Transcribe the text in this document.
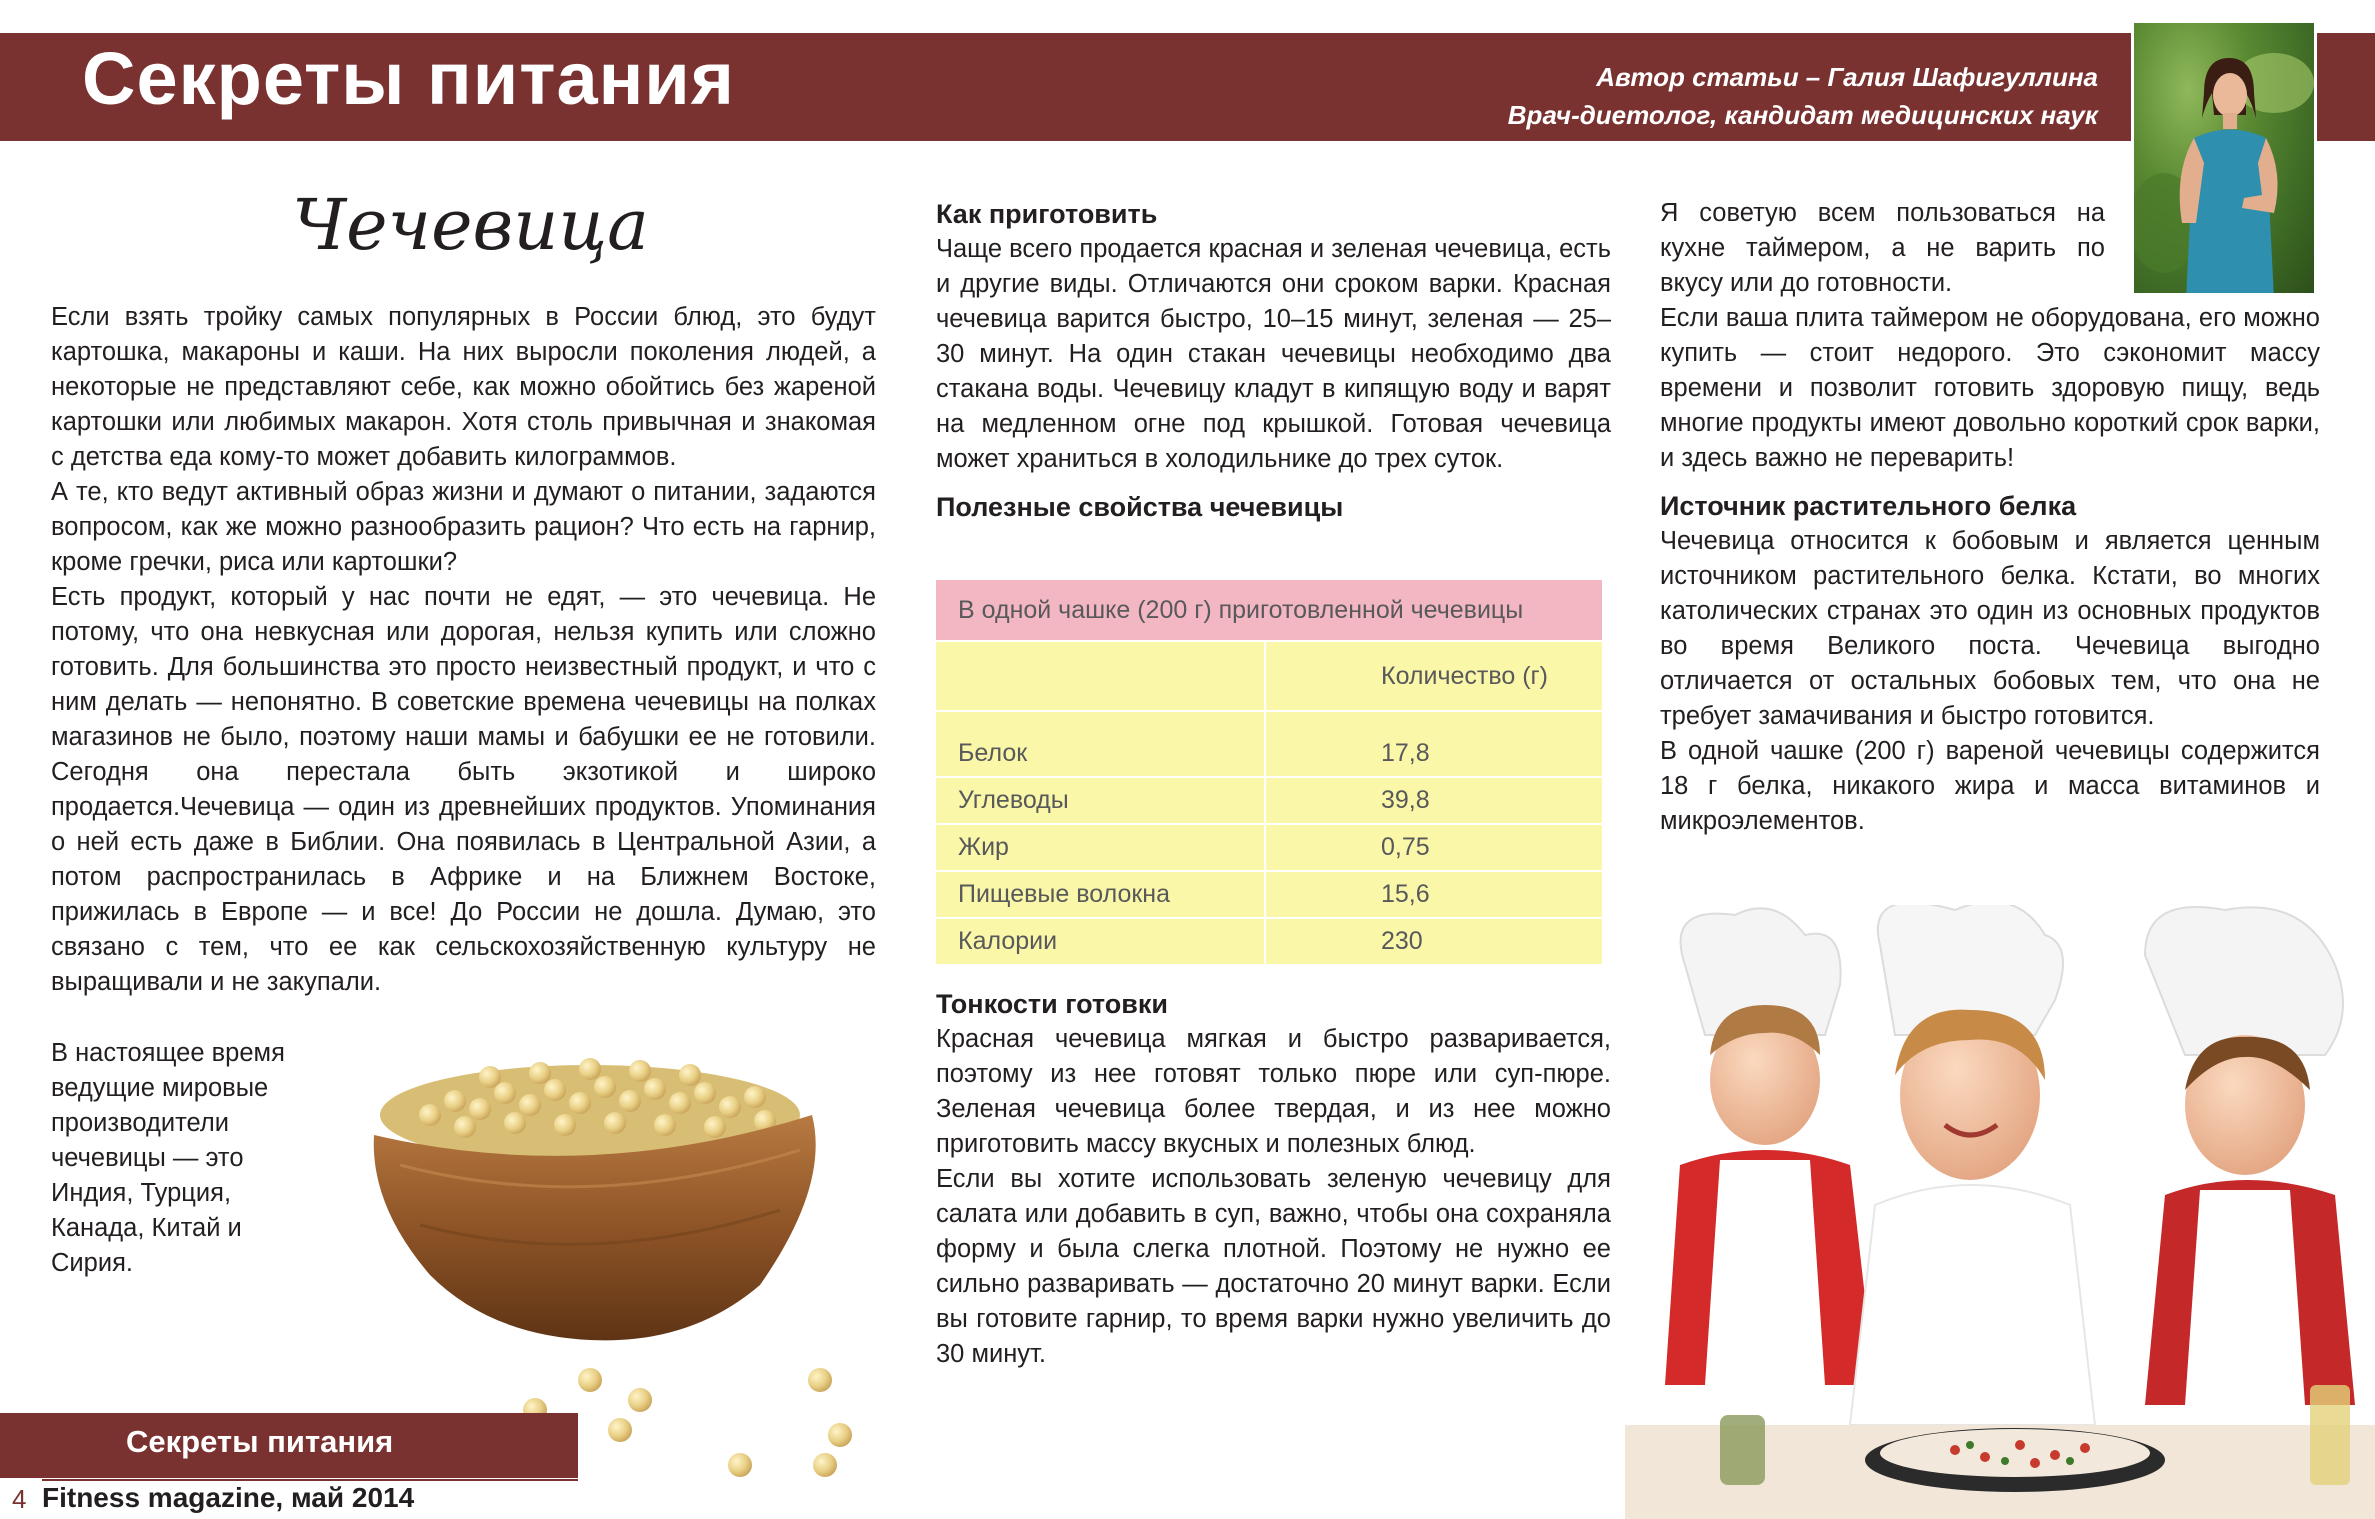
Секреты питания	Автор статьи – Галия Шафигуллина
Врач-диетолог, кандидат медицинских наук
Чечевица

Если взять тройку самых популярных в России блюд, это будут картошка, макароны и каши. На них выросли поколения людей, а некоторые не представляют себе, как можно обойтись без жареной картошки или любимых макарон. Хотя столь привычная и знакомая с детства еда кому-то может добавить килограммов.

А те, кто ведут активный образ жизни и думают о питании, задаются вопросом, как же можно разнообразить рацион? Что есть на гарнир, кроме гречки, риса или картошки?

Есть продукт, который у нас почти не едят, — это чечевица. Не потому, что она невкусная или дорогая, нельзя купить или сложно готовить. Для большинства это просто неизвестный продукт, и что с ним делать — непонятно. В советские времена чечевицы на полках магазинов не было, поэтому наши мамы и бабушки ее не готовили. Сегодня она перестала быть экзотикой и широко продается.Чечевица — один из древнейших продуктов. Упоминания о ней есть даже в Библии. Она появилась в Центральной Азии, а потом распространилась в Африке и на Ближнем Востоке, прижилась в Европе — и все! До России не дошла. Думаю, это связано с тем, что ее как сельскохозяйственную культуру не выращивали и не закупали.

В настоящее время ведущие мировые производители чечевицы — это Индия, Турция, Канада, Китай и Сирия.
Как приготовить

Чаще всего продается красная и зеленая чечевица, есть и другие виды. Отличаются они сроком варки. Красная чечевица варится быстро, 10–15 минут, зеленая — 25–30 минут. На один стакан чечевицы необходимо два стакана воды. Чечевицу кладут в кипящую воду и варят на медленном огне под крышкой. Готовая чечевица может храниться в холодильнике до трех суток.

Полезные свойства чечевицы
В одной чашке (200 г) приготовленной чечевицы	
	Количество (г)
Белок	17,8
Углеводы	39,8
Жир	0,75
Пищевые волокна	15,6
Калории	230
Тонкости готовки

Красная чечевица мягкая и быстро разваривается, поэтому из нее готовят только пюре или суп-пюре. Зеленая чечевица более твердая, и из нее можно приготовить массу вкусных и полезных блюд.

Если вы хотите использовать зеленую чечевицу для салата или добавить в суп, важно, чтобы она сохраняла форму и была слегка плотной. Поэтому не нужно ее сильно разваривать — достаточно 20 минут варки. Если вы готовите гарнир, то время варки нужно увеличить до 30 минут.

Я советую всем пользоваться на кухне таймером, а не варить по вкусу или до готовности.

Если ваша плита таймером не оборудована, его можно купить — стоит недорого. Это сэкономит массу времени и позволит готовить здоровую пищу, ведь многие продукты имеют довольно короткий срок варки, и здесь важно не переварить!

Источник растительного белка

Чечевица относится к бобовым и является ценным источником растительного белка. Кстати, во многих католических странах это один из основных продуктов во время Великого поста. Чечевица выгодно отличается от остальных бобовых тем, что она не требует замачивания и быстро готовится.

В одной чашке (200 г) вареной чечевицы содержится 18 г белка, никакого жира и масса витаминов и микроэлементов.

Секреты питания
4 Fitness magazine, май 2014
